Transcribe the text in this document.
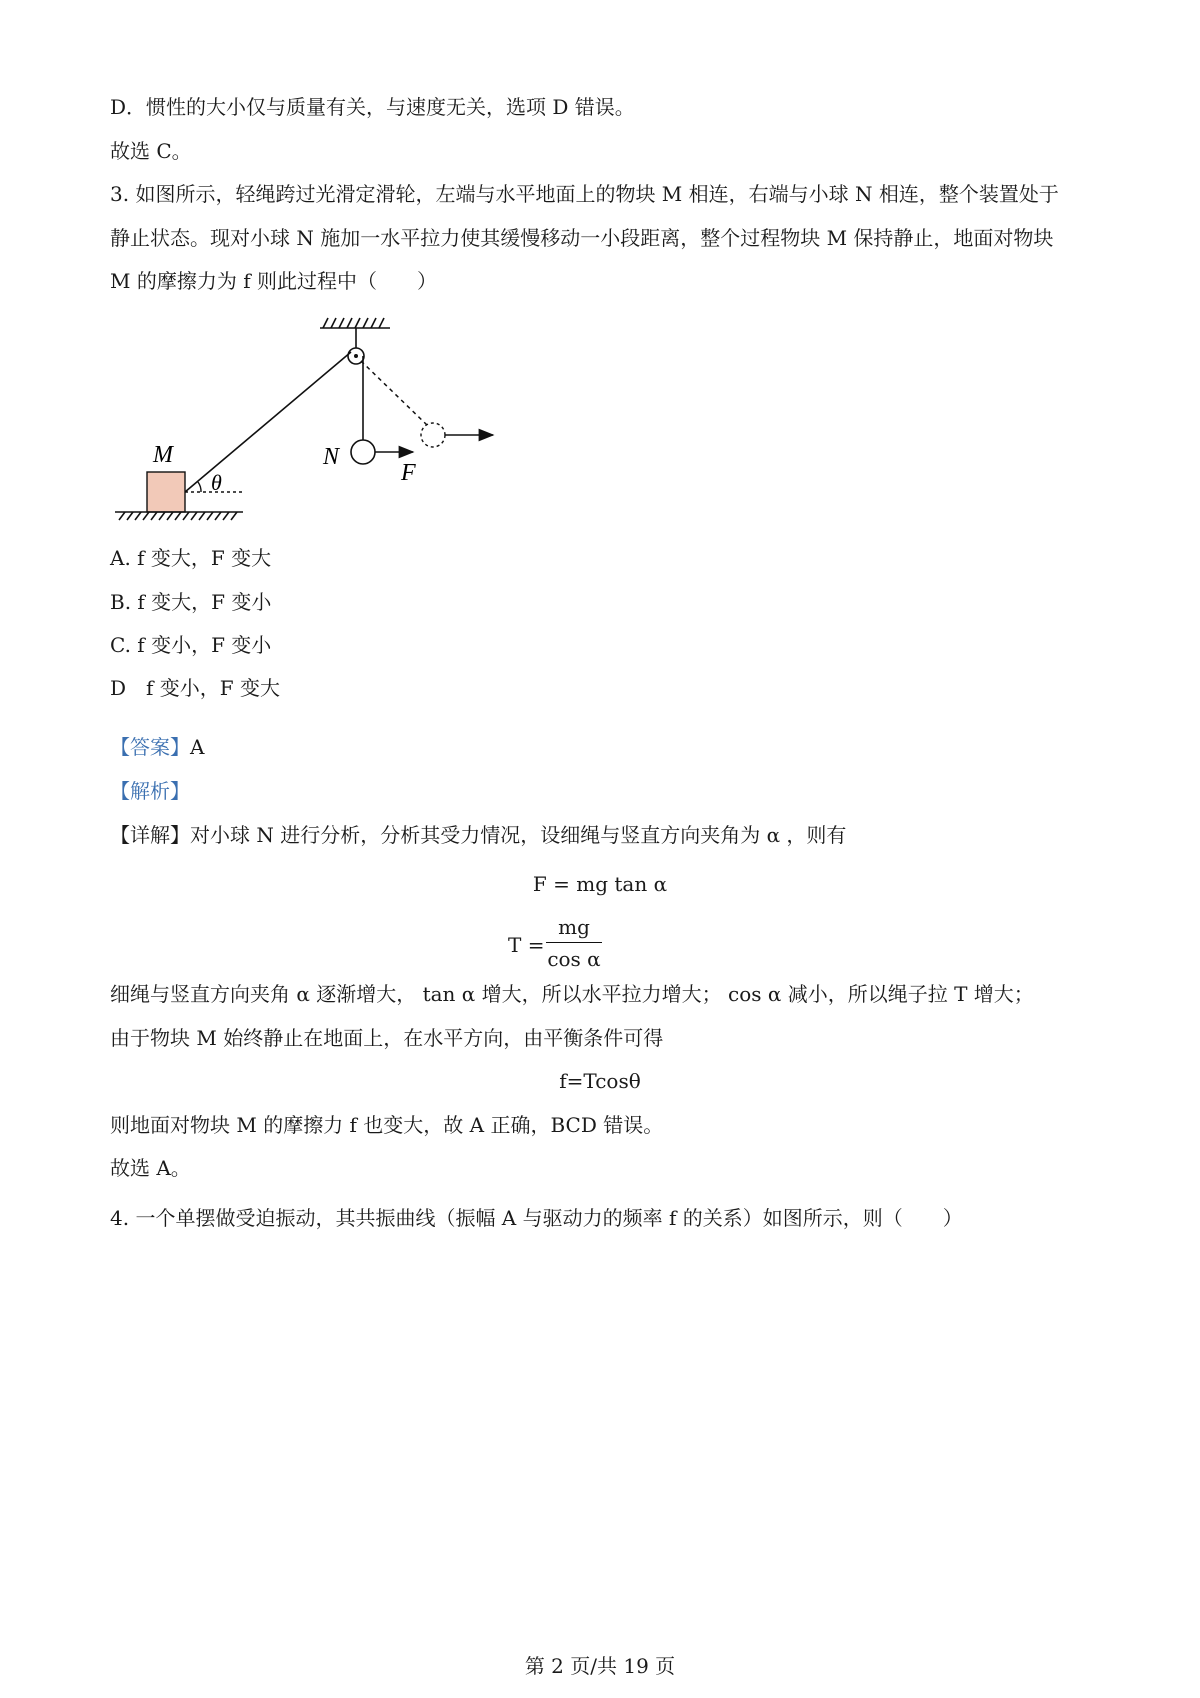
D．惯性的大小仅与质量有关，与速度无关，选项 D 错误。
故选 C。
3. 如图所示，轻绳跨过光滑定滑轮，左端与水平地面上的物块 M 相连，右端与小球 N 相连，整个装置处于
静止状态。现对小球 N 施加一水平拉力使其缓慢移动一小段距离，整个过程物块 M 保持静止，地面对物块
M 的摩擦力为 f 则此过程中（　　）
M
θ
N
F
A. f 变大，F 变大
B. f 变大，F 变小
C. f 变小，F 变小
D　f 变小，F 变大
【答案】A
【解析】
【详解】对小球 N 进行分析，分析其受力情况，设细绳与竖直方向夹角为 α ，则有
F = mg tan α
T =
mg
cos α
细绳与竖直方向夹角 α 逐渐增大， tan α 增大，所以水平拉力增大； cos α 减小，所以绳子拉 T 增大；
由于物块 M 始终静止在地面上，在水平方向，由平衡条件可得
f=Tcosθ
则地面对物块 M 的摩擦力 f 也变大，故 A 正确，BCD 错误。
故选 A。
4. 一个单摆做受迫振动，其共振曲线（振幅 A 与驱动力的频率 f 的关系）如图所示，则（　　）
第 2 页/共 19 页
